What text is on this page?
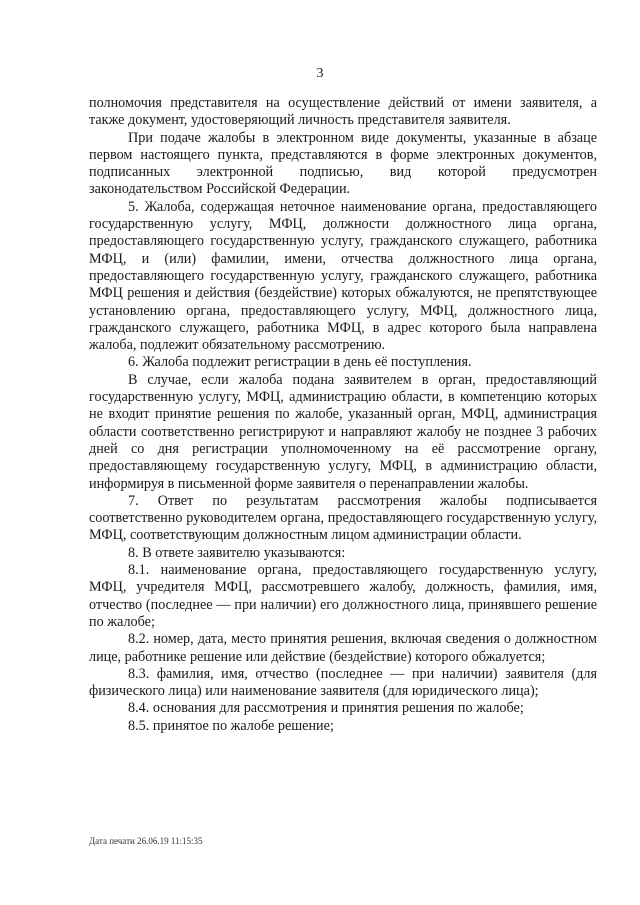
3

полномочия представителя на осуществление действий от имени заявителя, а также документ, удостоверяющий личность представителя заявителя.

При подаче жалобы в электронном виде документы, указанные в абзаце первом настоящего пункта, представляются в форме электронных документов, подписанных электронной подписью, вид которой предусмотрен законодательством Российской Федерации.

5. Жалоба, содержащая неточное наименование органа, предоставляющего государственную услугу, МФЦ, должности должностного лица органа, предоставляющего государственную услугу, гражданского служащего, работника МФЦ, и (или) фамилии, имени, отчества должностного лица органа, предоставляющего государственную услугу, гражданского служащего, работника МФЦ решения и действия (бездействие) которых обжалуются, не препятствующее установлению органа, предоставляющего услугу, МФЦ, должностного лица, гражданского служащего, работника МФЦ, в адрес которого была направлена жалоба, подлежит обязательному рассмотрению.

6. Жалоба подлежит регистрации в день её поступления.

В случае, если жалоба подана заявителем в орган, предоставляющий государственную услугу, МФЦ, администрацию области, в компетенцию которых не входит принятие решения по жалобе, указанный орган, МФЦ, администрация области соответственно регистрируют и направляют жалобу не позднее 3 рабочих дней со дня регистрации уполномоченному на её рассмотрение органу, предоставляющему государственную услугу, МФЦ, в администрацию области, информируя в письменной форме заявителя о перенаправлении жалобы.

7. Ответ по результатам рассмотрения жалобы подписывается соответственно руководителем органа, предоставляющего государственную услугу, МФЦ, соответствующим должностным лицом администрации области.

8. В ответе заявителю указываются:

8.1. наименование органа, предоставляющего государственную услугу, МФЦ, учредителя МФЦ, рассмотревшего жалобу, должность, фамилия, имя, отчество (последнее — при наличии) его должностного лица, принявшего решение по жалобе;

8.2. номер, дата, место принятия решения, включая сведения о должностном лице, работнике решение или действие (бездействие) которого обжалуется;

8.3. фамилия, имя, отчество (последнее — при наличии) заявителя (для физического лица) или наименование заявителя (для юридического лица);

8.4. основания для рассмотрения и принятия решения по жалобе;

8.5. принятое по жалобе решение;

Дата печати 26.06.19 11:15:35
